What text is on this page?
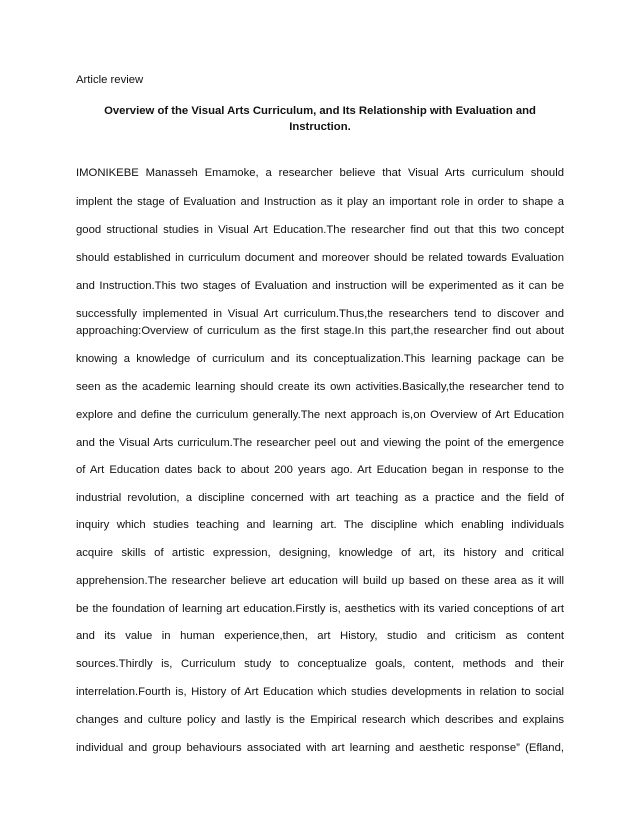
Article review
Overview of the Visual Arts Curriculum, and Its Relationship with Evaluation and
Instruction.
IMONIKEBE Manasseh Emamoke, a researcher believe that Visual Arts curriculum should
implent the stage of Evaluation and Instruction as it play an important role in order to shape a
good structional studies in Visual Art Education.The researcher find out that this two concept
should established in curriculum document and moreover should be related towards Evaluation
and Instruction.This two stages of Evaluation and instruction will be experimented as it can be
successfully implemented in Visual Art curriculum.Thus,the researchers tend to discover and
approaching:Overview of curriculum as the first stage.In this part,the researcher find out about
knowing a knowledge of curriculum and its conceptualization.This learning package can be
seen as the academic learning should create its own activities.Basically,the researcher tend to
explore and define the curriculum generally.The next approach is,on Overview of Art Education
and the Visual Arts curriculum.The researcher peel out and viewing the point of the emergence
of Art Education dates back to about 200 years ago. Art Education began in response to the
industrial revolution, a discipline concerned with art teaching as a practice and the field of
inquiry which studies teaching and learning art. The discipline which enabling individuals
acquire skills of artistic expression, designing, knowledge of art, its history and critical
apprehension.The researcher believe art education will build up based on these area as it will
be the foundation of learning art education.Firstly is, aesthetics with its varied conceptions of art
and its value in human experience,then, art History, studio and criticism as content
sources.Thirdly is, Curriculum study to conceptualize goals, content, methods and their
interrelation.Fourth is, History of Art Education which studies developments in relation to social
changes and culture policy and lastly is the Empirical research which describes and explains
individual and group behaviours associated with art learning and aesthetic response” (Efland,
